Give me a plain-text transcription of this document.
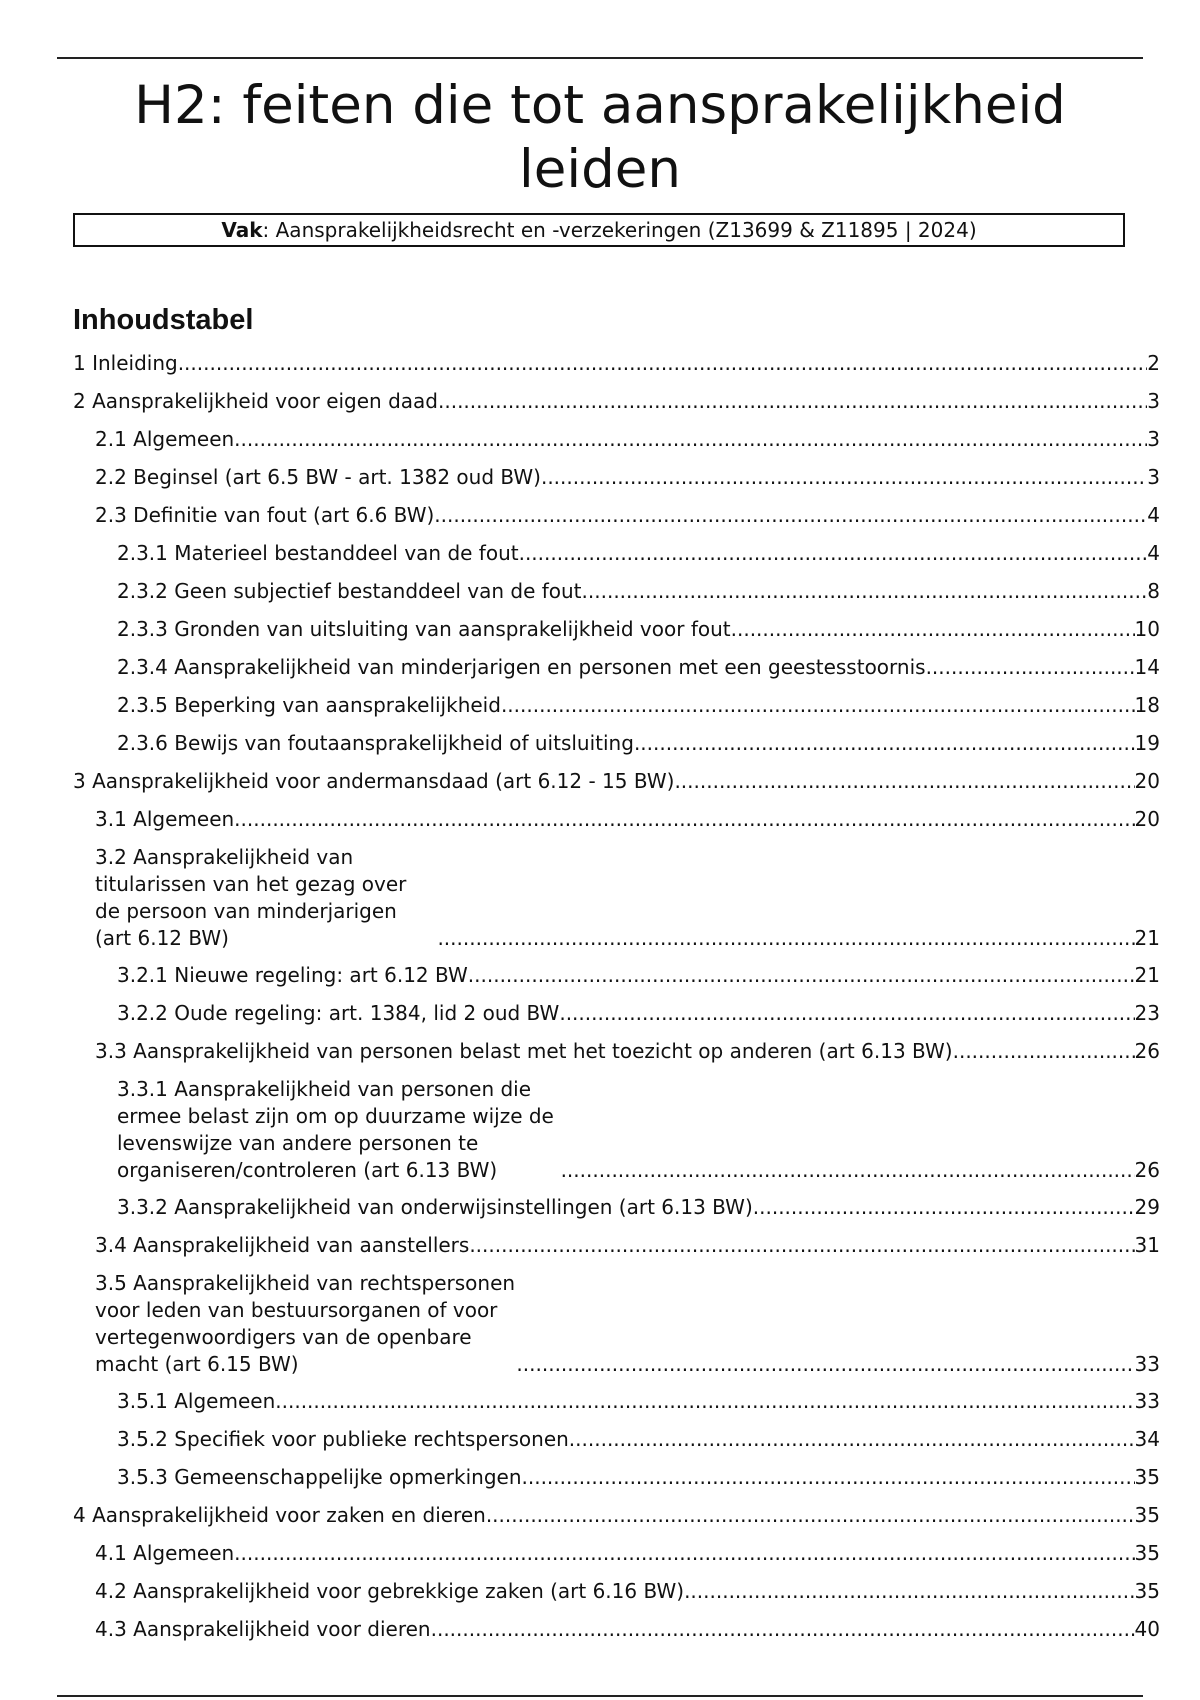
H2: feiten die tot aansprakelijkheid leiden
Vak: Aansprakelijkheidsrecht en -verzekeringen (Z13699 & Z11895 | 2024)
Inhoudstabel
1 Inleiding .....	2
2 Aansprakelijkheid voor eigen daad .....	3
2.1 Algemeen .....	3
2.2 Beginsel (art 6.5 BW - art. 1382 oud BW) .....	3
2.3 Definitie van fout (art 6.6 BW) .....	4
2.3.1 Materieel bestanddeel van de fout .....	4
2.3.2 Geen subjectief bestanddeel van de fout .....	8
2.3.3 Gronden van uitsluiting van aansprakelijkheid voor fout .....	10
2.3.4 Aansprakelijkheid van minderjarigen en personen met een geestesstoornis .....	14
2.3.5 Beperking van aansprakelijkheid .....	18
2.3.6 Bewijs van foutaansprakelijkheid of uitsluiting .....	19
3 Aansprakelijkheid voor andermansdaad (art 6.12 - 15 BW) .....	20
3.1 Algemeen .....	20
3.2 Aansprakelijkheid van titularissen van het gezag over de persoon van minderjarigen (art 6.12 BW) .....	21
3.2.1 Nieuwe regeling: art 6.12 BW .....	21
3.2.2 Oude regeling: art. 1384, lid 2 oud BW .....	23
3.3 Aansprakelijkheid van personen belast met het toezicht op anderen (art 6.13 BW) .....	26
3.3.1 Aansprakelijkheid van personen die ermee belast zijn om op duurzame wijze de levenswijze van andere personen te organiseren/controleren (art 6.13 BW) .....	26
3.3.2 Aansprakelijkheid van onderwijsinstellingen (art 6.13 BW) .....	29
3.4 Aansprakelijkheid van aanstellers .....	31
3.5 Aansprakelijkheid van rechtspersonen voor leden van bestuursorganen of voor vertegenwoordigers van de openbare macht (art 6.15 BW) .....	33
3.5.1 Algemeen .....	33
3.5.2 Specifiek voor publieke rechtspersonen .....	34
3.5.3 Gemeenschappelijke opmerkingen .....	35
4 Aansprakelijkheid voor zaken en dieren .....	35
4.1 Algemeen .....	35
4.2 Aansprakelijkheid voor gebrekkige zaken (art 6.16 BW) .....	35
4.3 Aansprakelijkheid voor dieren .....	40
